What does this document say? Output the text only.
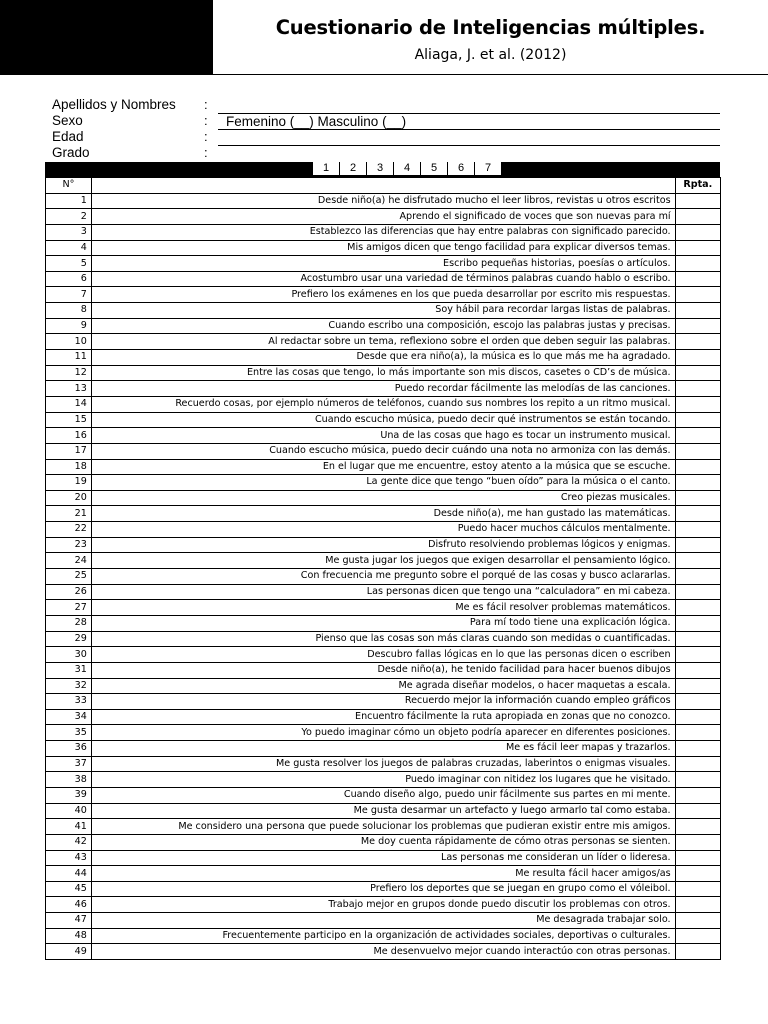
Cuestionario de Inteligencias múltiples.
Aliaga, J. et al. (2012)
Apellidos y Nombres :
Sexo	: Femenino (__) Masculino (__)
Edad	:
Grado	:
1	2	3	4	5	6	7
N°		Rpta.
1	Desde niño(a) he disfrutado mucho el leer libros, revistas u otros escritos	
2	Aprendo el significado de voces que son nuevas para mí	
3	Establezco las diferencias que hay entre palabras con significado parecido.	
4	Mis amigos dicen que tengo facilidad para explicar diversos temas.	
5	Escribo pequeñas historias, poesías o artículos.	
6	Acostumbro usar una variedad de términos palabras cuando hablo o escribo.	
7	Prefiero los exámenes en los que pueda desarrollar por escrito mis respuestas.	
8	Soy hábil para recordar largas listas de palabras.	
9	Cuando escribo una composición, escojo las palabras justas y precisas.	
10	Al redactar sobre un tema, reflexiono sobre el orden que deben seguir las palabras.	
11	Desde que era niño(a), la música es lo que más me ha agradado.	
12	Entre las cosas que tengo, lo más importante son mis discos, casetes o CD’s de música.	
13	Puedo recordar fácilmente las melodías de las canciones.	
14	Recuerdo cosas, por ejemplo números de teléfonos, cuando sus nombres los repito a un ritmo musical.	
15	Cuando escucho música, puedo decir qué instrumentos se están tocando.	
16	Una de las cosas que hago es tocar un instrumento musical.	
17	Cuando escucho música, puedo decir cuándo una nota no armoniza con las demás.	
18	En el lugar que me encuentre, estoy atento a la música que se escuche.	
19	La gente dice que tengo “buen oído” para la música o el canto.	
20	Creo piezas musicales.	
21	Desde niño(a), me han gustado las matemáticas.	
22	Puedo hacer muchos cálculos mentalmente.	
23	Disfruto resolviendo problemas lógicos y enigmas.	
24	Me gusta jugar los juegos que exigen desarrollar el pensamiento lógico.	
25	Con frecuencia me pregunto sobre el porqué de las cosas y busco aclararlas.	
26	Las personas dicen que tengo una “calculadora” en mi cabeza.	
27	Me es fácil resolver problemas matemáticos.	
28	Para mí todo tiene una explicación lógica.	
29	Pienso que las cosas son más claras cuando son medidas o cuantificadas.	
30	Descubro fallas lógicas en lo que las personas dicen o escriben	
31	Desde niño(a), he tenido facilidad para hacer buenos dibujos	
32	Me agrada diseñar modelos, o hacer maquetas a escala.	
33	Recuerdo mejor la información cuando empleo gráficos	
34	Encuentro fácilmente la ruta apropiada en zonas que no conozco.	
35	Yo puedo imaginar cómo un objeto podría aparecer en diferentes posiciones.	
36	Me es fácil leer mapas y trazarlos.	
37	Me gusta resolver los juegos de palabras cruzadas, laberintos o enigmas visuales.	
38	Puedo imaginar con nitidez los lugares que he visitado.	
39	Cuando diseño algo, puedo unir fácilmente sus partes en mi mente.	
40	Me gusta desarmar un artefacto y luego armarlo tal como estaba.	
41	Me considero una persona que puede solucionar los problemas que pudieran existir entre mis amigos.	
42	Me doy cuenta rápidamente de cómo otras personas se sienten.	
43	Las personas me consideran un líder o lideresa.	
44	Me resulta fácil hacer amigos/as	
45	Prefiero los deportes que se juegan en grupo como el vóleibol.	
46	Trabajo mejor en grupos donde puedo discutir los problemas con otros.	
47	Me desagrada trabajar solo.	
48	Frecuentemente participo en la organización de actividades sociales, deportivas o culturales.	
49	Me desenvuelvo mejor cuando interactúo con otras personas.	
